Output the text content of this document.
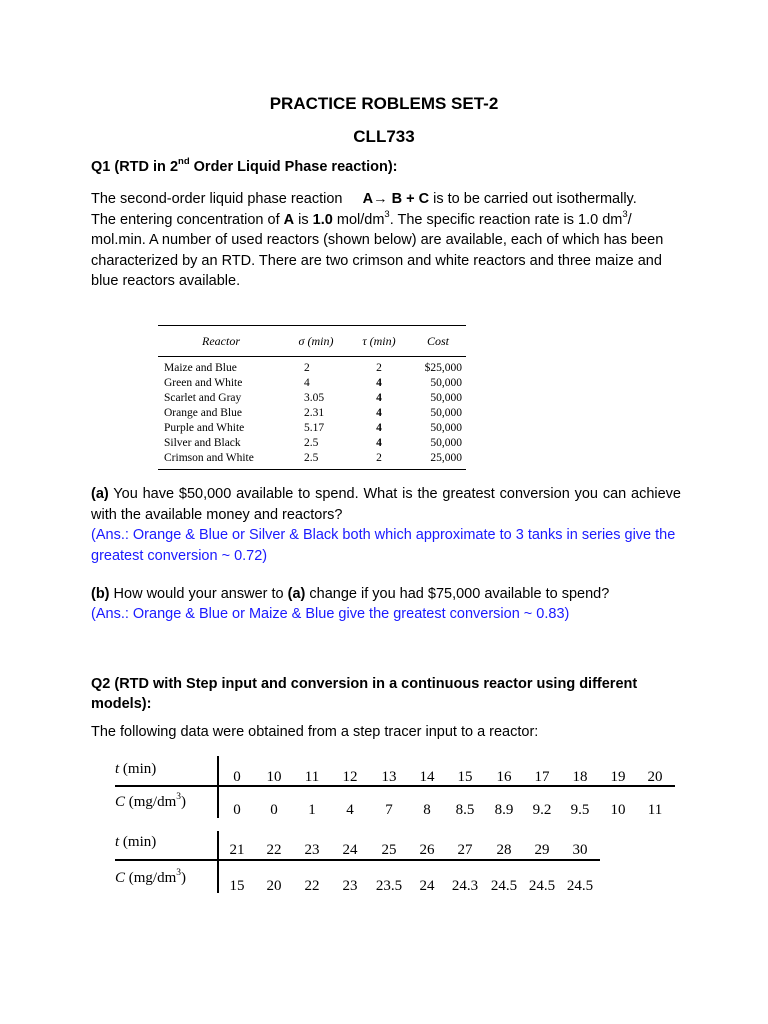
PRACTICE ROBLEMS SET-2
CLL733
Q1 (RTD in 2nd Order Liquid Phase reaction):
The second-order liquid phase reaction A→ B + C is to be carried out isothermally.
The entering concentration of A is 1.0 mol/$dm^3$. The specific reaction rate is 1.0 $dm^3/$
mol.min. A number of used reactors (shown below) are available, each of which has been characterized by an RTD. There are two crimson and white reactors and three maize and blue reactors available.
Reactor	σ (min)	τ (min)	Cost
Maize and Blue	2	2	$25,000
Green and White	4	4	50,000
Scarlet and Gray	3.05	4	50,000
Orange and Blue	2.31	4	50,000
Purple and White	5.17	4	50,000
Silver and Black	2.5	4	50,000
Crimson and White	2.5	2	25,000
(a) You have $50,000 available to spend. What is the greatest conversion you can achieve with the available money and reactors?
(Ans.: Orange & Blue or Silver & Black both which approximate to 3 tanks in series give the greatest conversion ~ 0.72)
(b) How would your answer to (a) change if you had $75,000 available to spend?
(Ans.: Orange & Blue or Maize & Blue give the greatest conversion ~ 0.83)
Q2 (RTD with Step input and conversion in a continuous reactor using different models):
The following data were obtained from a step tracer input to a reactor:
t (min)
0	10	11	12	13	14	15	16	17	18	19	20
C $(mg/dm^3)$
0	0	1	4	7	8	8.5	8.9	9.2	9.5	10	11
t (min)
21	22	23	24	25	26	27	28	29	30
C $(mg/dm^3)$
15	20	22	23	23.5	24	24.3 24.5 24.5 24.5
